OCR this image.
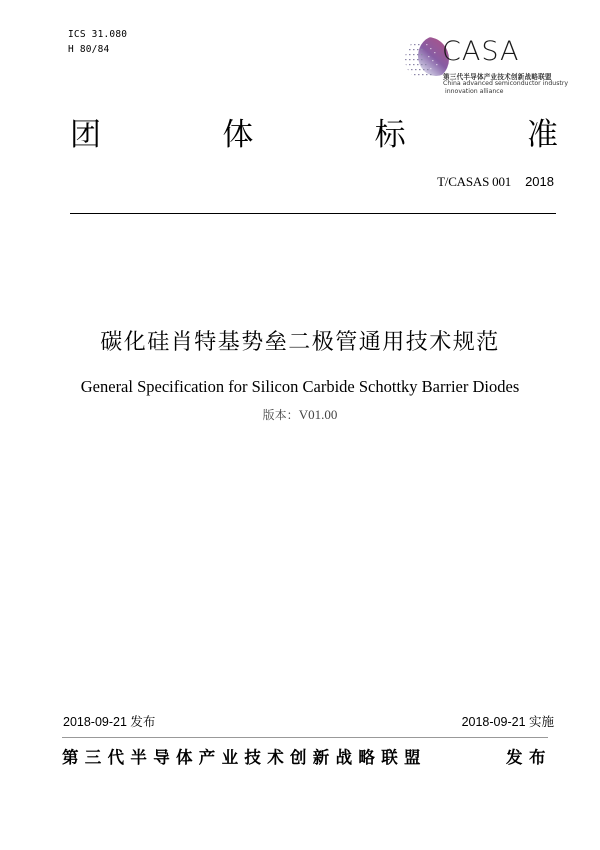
ICS 31.080
H 80/84	CASA
第三代半导体产业技术创新战略联盟
China advanced semiconductor industry
innovation alliance
团	体	标	准
T/CASAS 001 2018
碳化硅肖特基势垒二极管通用技术规范
General Specification for Silicon Carbide Schottky Barrier Diodes
版本：V01.00
2018-09-21 发布	2018-09-21 实施
第三代半导体产业技术创新战略联盟	发布
